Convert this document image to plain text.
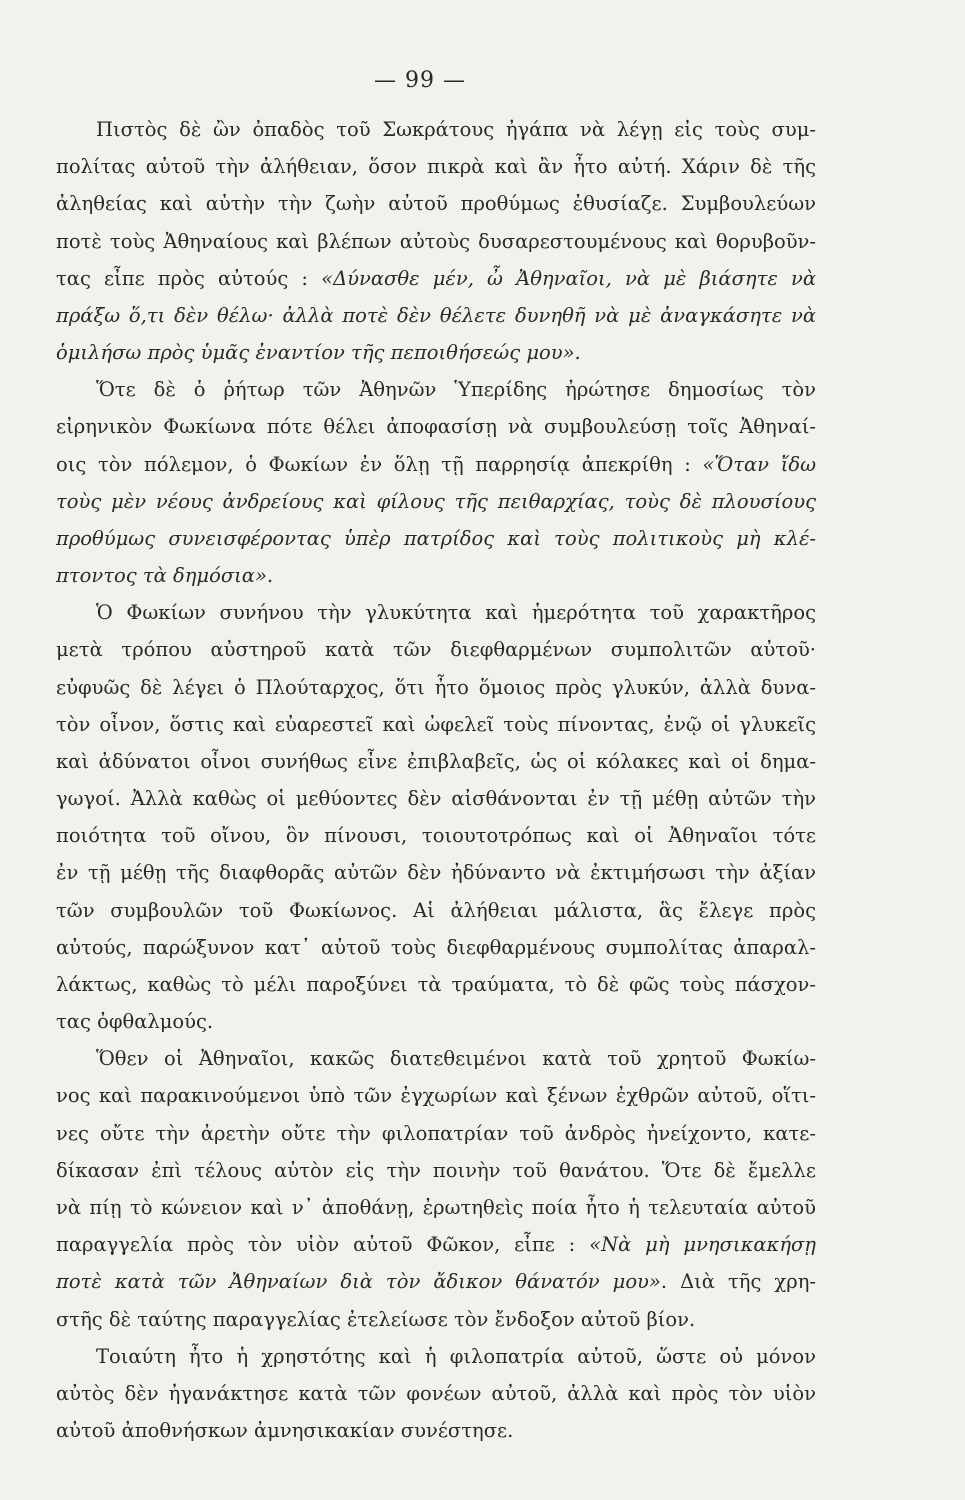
— 99 —
Πιστὸς δὲ ὢν ὀπαδὸς τοῦ Σωκράτους ἠγάπα νὰ λέγῃ εἰς τοὺς συμ-
πολίτας αὐτοῦ τὴν ἀλήθειαν, ὅσον πικρὰ καὶ ἂν ἦτο αὐτή. Χάριν δὲ τῆς
ἀληθείας καὶ αὐτὴν τὴν ζωὴν αὐτοῦ προθύμως ἐθυσίαζε. Συμβουλεύων
ποτὲ τοὺς Ἀθηναίους καὶ βλέπων αὐτοὺς δυσαρεστουμένους καὶ θορυβοῦν-
τας εἶπε πρὸς αὐτούς : «Δύνασθε μέν, ὦ Ἀθηναῖοι, νὰ μὲ βιάσητε νὰ
πράξω ὅ,τι δὲν θέλω· ἀλλὰ ποτὲ δὲν θέλετε δυνηθῆ νὰ μὲ ἀναγκάσητε νὰ
ὁμιλήσω πρὸς ὑμᾶς ἐναντίον τῆς πεποιθήσεώς μου».
Ὅτε δὲ ὁ ῥήτωρ τῶν Ἀθηνῶν Ὑπερίδης ἠρώτησε δημοσίως τὸν
εἰρηνικὸν Φωκίωνα πότε θέλει ἀποφασίσῃ νὰ συμβουλεύσῃ τοῖς Ἀθηναί-
οις τὸν πόλεμον, ὁ Φωκίων ἐν ὅλῃ τῇ παρρησίᾳ ἀπεκρίθη : «Ὅταν ἴδω
τοὺς μὲν νέους ἀνδρείους καὶ φίλους τῆς πειθαρχίας, τοὺς δὲ πλουσίους
προθύμως συνεισφέροντας ὑπὲρ πατρίδος καὶ τοὺς πολιτικοὺς μὴ κλέ-
πτοντος τὰ δημόσια».
Ὁ Φωκίων συνήνου τὴν γλυκύτητα καὶ ἡμερότητα τοῦ χαρακτῆρος
μετὰ τρόπου αὐστηροῦ κατὰ τῶν διεφθαρμένων συμπολιτῶν αὐτοῦ·
εὐφυῶς δὲ λέγει ὁ Πλούταρχος, ὅτι ἦτο ὅμοιος πρὸς γλυκύν, ἀλλὰ δυνα-
τὸν οἶνον, ὅστις καὶ εὐαρεστεῖ καὶ ὠφελεῖ τοὺς πίνοντας, ἐνῷ οἱ γλυκεῖς
καὶ ἀδύνατοι οἶνοι συνήθως εἶνε ἐπιβλαβεῖς, ὡς οἱ κόλακες καὶ οἱ δημα-
γωγοί. Ἀλλὰ καθὼς οἱ μεθύοντες δὲν αἰσθάνονται ἐν τῇ μέθῃ αὐτῶν τὴν
ποιότητα τοῦ οἴνου, ὃν πίνουσι, τοιουτοτρόπως καὶ οἱ Ἀθηναῖοι τότε
ἐν τῇ μέθῃ τῆς διαφθορᾶς αὐτῶν δὲν ἠδύναντο νὰ ἐκτιμήσωσι τὴν ἀξίαν
τῶν συμβουλῶν τοῦ Φωκίωνος. Αἱ ἀλήθειαι μάλιστα, ἃς ἔλεγε πρὸς
αὐτούς, παρώξυνον κατ᾽ αὐτοῦ τοὺς διεφθαρμένους συμπολίτας ἀπαραλ-
λάκτως, καθὼς τὸ μέλι παροξύνει τὰ τραύματα, τὸ δὲ φῶς τοὺς πάσχον-
τας ὀφθαλμούς.
Ὅθεν οἱ Ἀθηναῖοι, κακῶς διατεθειμένοι κατὰ τοῦ χρητοῦ Φωκίω-
νος καὶ παρακινούμενοι ὑπὸ τῶν ἐγχωρίων καὶ ξένων ἐχθρῶν αὐτοῦ, οἵτι-
νες οὔτε τὴν ἀρετὴν οὔτε τὴν φιλοπατρίαν τοῦ ἀνδρὸς ἠνείχοντο, κατε-
δίκασαν ἐπὶ τέλους αὐτὸν εἰς τὴν ποινὴν τοῦ θανάτου. Ὅτε δὲ ἔμελλε
νὰ πίῃ τὸ κώνειον καὶ ν᾽ ἀποθάνῃ, ἐρωτηθεὶς ποία ἦτο ἡ τελευταία αὐτοῦ
παραγγελία πρὸς τὸν υἱὸν αὐτοῦ Φῶκον, εἶπε : «Νὰ μὴ μνησικακήσῃ
ποτὲ κατὰ τῶν Ἀθηναίων διὰ τὸν ἄδικον θάνατόν μου». Διὰ τῆς χρη-
στῆς δὲ ταύτης παραγγελίας ἐτελείωσε τὸν ἔνδοξον αὐτοῦ βίον.
Τοιαύτη ἦτο ἡ χρηστότης καὶ ἡ φιλοπατρία αὐτοῦ, ὥστε οὐ μόνον
αὐτὸς δὲν ἠγανάκτησε κατὰ τῶν φονέων αὐτοῦ, ἀλλὰ καὶ πρὸς τὸν υἱὸν
αὐτοῦ ἀποθνήσκων ἀμνησικακίαν συνέστησε.
